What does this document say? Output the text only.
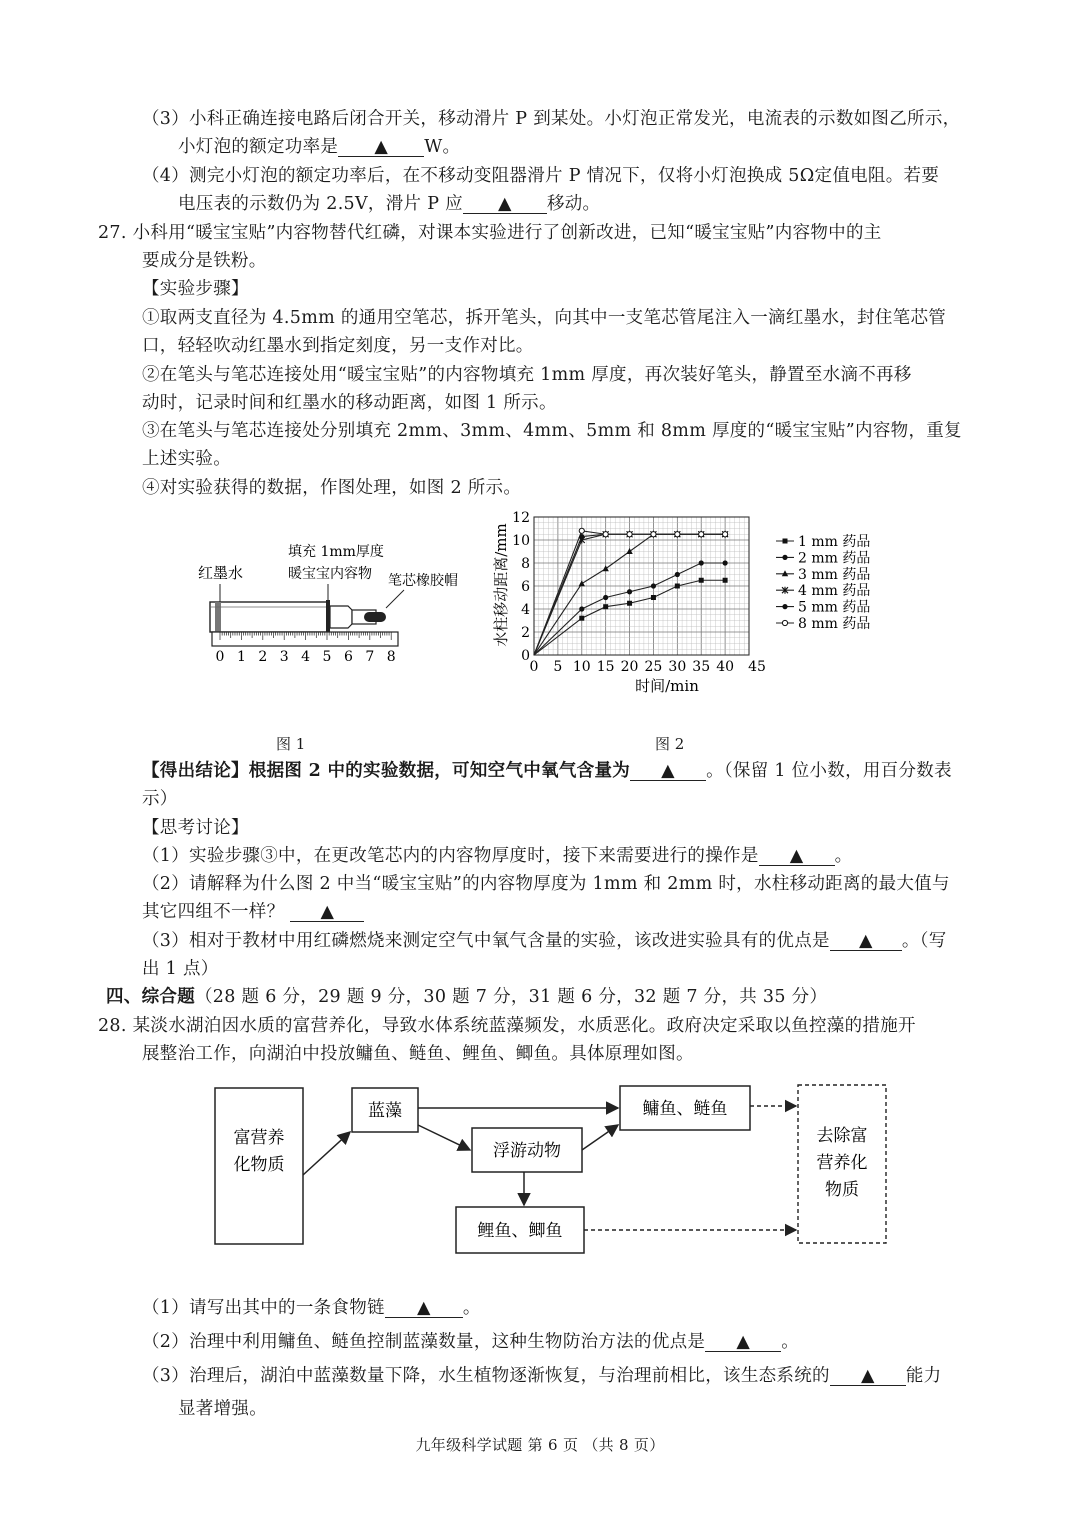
（3）小科正确连接电路后闭合开关，移动滑片 P 到某处。小灯泡正常发光，电流表的示数如图乙所示，
小灯泡的额定功率是 ▲ W。
（4）测完小灯泡的额定功率后，在不移动变阻器滑片 P 情况下，仅将小灯泡换成 5Ω定值电阻。若要
电压表的示数仍为 2.5V，滑片 P 应 ▲ 移动。
27. 小科用“暖宝宝贴”内容物替代红磷，对课本实验进行了创新改进，已知“暖宝宝贴”内容物中的主
要成分是铁粉。
【实验步骤】
①取两支直径为 4.5mm 的通用空笔芯，拆开笔头，向其中一支笔芯管尾注入一滴红墨水，封住笔芯管
口，轻轻吹动红墨水到指定刻度，另一支作对比。
②在笔头与笔芯连接处用“暖宝宝贴”的内容物填充 1mm 厚度，再次装好笔头，静置至水滴不再移
动时，记录时间和红墨水的移动距离，如图 1 所示。
③在笔头与笔芯连接处分别填充 2mm、3mm、4mm、5mm 和 8mm 厚度的“暖宝宝贴”内容物，重复
上述实验。
④对实验获得的数据，作图处理，如图 2 所示。
红墨水
填充 1mm厚度
暖宝宝内容物 笔芯橡胶帽
0 1 2 3 4 5 6 7 8
图 1
水柱移动距离/mm
时间/min
0 5 10 15 20 25 30 35 40 45
0
2
4
6
8
10
12
1 mm 药品
2 mm 药品
3 mm 药品
4 mm 药品
5 mm 药品
8 mm 药品
图 2
【得出结论】根据图 2 中的实验数据，可知空气中氧气含量为 ▲ 。（保留 1 位小数，用百分数表
示）
【思考讨论】
（1）实验步骤③中，在更改笔芯内的内容物厚度时，接下来需要进行的操作是 ▲ 。
（2）请解释为什么图 2 中当“暖宝宝贴”的内容物厚度为 1mm 和 2mm 时，水柱移动距离的最大值与
其它四组不一样？ ▲
（3）相对于教材中用红磷燃烧来测定空气中氧气含量的实验，该改进实验具有的优点是 ▲ 。（写
出 1 点）
四、综合题（28 题 6 分，29 题 9 分，30 题 7 分，31 题 6 分，32 题 7 分，共 35 分）
28. 某淡水湖泊因水质的富营养化，导致水体系统蓝藻频发，水质恶化。政府决定采取以鱼控藻的措施开
展整治工作，向湖泊中投放鳙鱼、鲢鱼、鲤鱼、鲫鱼。具体原理如图。
富营养
化物质
蓝藻	鳙鱼、鲢鱼
浮游动物
鲤鱼、鲫鱼
去除富
营养化
物质
（1）请写出其中的一条食物链 ▲ 。
（2）治理中利用鳙鱼、鲢鱼控制蓝藻数量，这种生物防治方法的优点是 ▲ 。
（3）治理后，湖泊中蓝藻数量下降，水生植物逐渐恢复，与治理前相比，该生态系统的 ▲ 能力
显著增强。
九年级科学试题 第 6 页 （共 8 页）
